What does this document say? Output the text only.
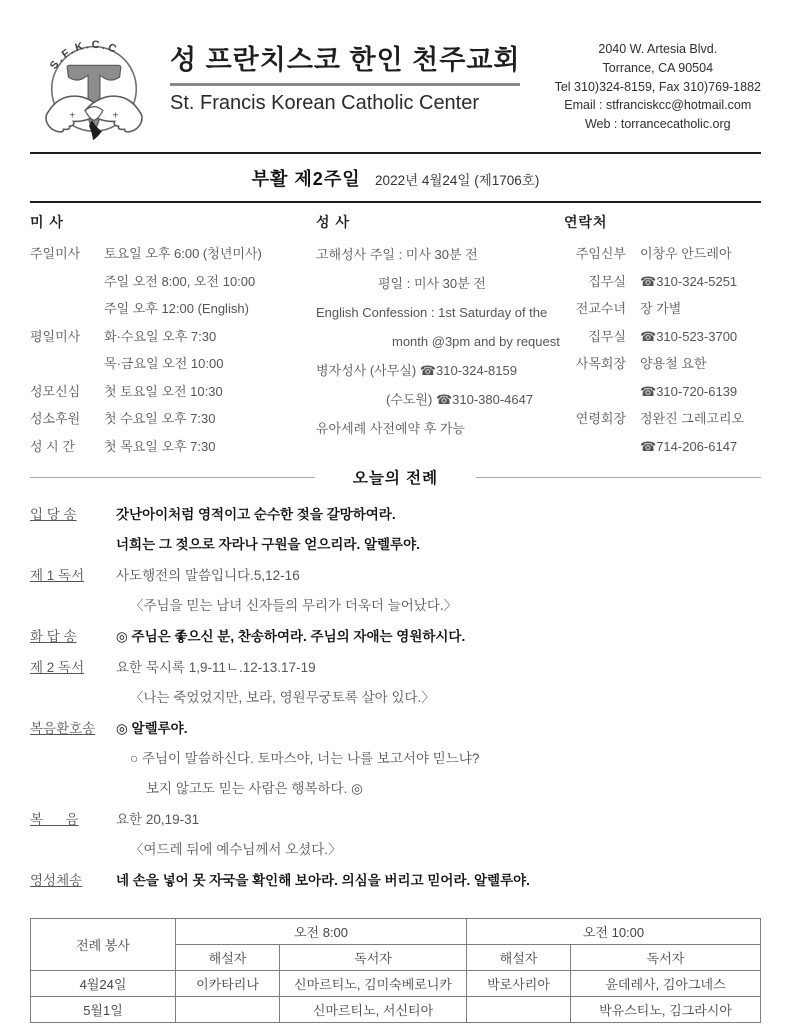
S.F.K.C.C
+	+
성 프란치스코 한인 천주교회
St. Francis Korean Catholic Center
2040 W. Artesia Blvd.
Torrance, CA 90504
Tel 310)324-8159, Fax 310)769-1882
Email : stfranciskcc@hotmail.com
Web : torrancecatholic.org
부활 제2주일 2022년 4월24일 (제1706호)
미 사
주일미사	토요일 오후 6:00 (청년미사)
주일 오전 8:00, 오전 10:00
주일 오후 12:00 (English)
평일미사	화·수요일 오후 7:30
목·금요일 오전 10:00
성모신심	첫 토요일 오전 10:30
성소후원	첫 수요일 오후 7:30
성 시 간	첫 목요일 오후 7:30
성 사
고해성사 주일 : 미사 30분 전
평일 : 미사 30분 전
English Confession : 1st Saturday of the
month @3pm and by request
병자성사 (사무실) ☎310-324-8159
(수도원) ☎310-380-4647
유아세례 사전예약 후 가능
연락처
주임신부 이창우 안드레아
집무실 ☎310-324-5251
전교수녀 장 가별
집무실 ☎310-523-3700
사목회장 양용철 요한
☎310-720-6139
연령회장 정완진 그레고리오
☎714-206-6147
오늘의 전례
입 당 송	갓난아이처럼 영적이고 순수한 젖을 갈망하여라.
너희는 그 젖으로 자라나 구원을 얻으리라. 알렐루야.
제 1 독서	사도행전의 말씀입니다.5,12-16
〈주님을 믿는 남녀 신자들의 무리가 더욱더 늘어났다.〉
화 답 송	◎ 주님은 좋으신 분, 찬송하여라. 주님의 자애는 영원하시다.
제 2 독서	요한 묵시록 1,9-11ㄴ.12-13.17-19
〈나는 죽었었지만, 보라, 영원무궁토록 살아 있다.〉
복음환호송	◎ 알렐루야.
○ 주님이 말씀하신다. 토마스야, 너는 나를 보고서야 믿느냐?
보지 않고도 믿는 사람은 행복하다. ◎
복      음	요한 20,19-31
〈여드레 뒤에 예수님께서 오셨다.〉
영성체송	네 손을 넣어 못 자국을 확인해 보아라. 의심을 버리고 믿어라. 알렐루야.
전례 봉사	오전 8:00		오전 10:00	
	해설자	독서자	해설자	독서자
4월24일	이카타리나	신마르티노, 김미숙베로니카	박로사리아	윤데레사, 김아그네스
5월1일		신마르티노, 서신티아		박유스티노, 김그라시아
